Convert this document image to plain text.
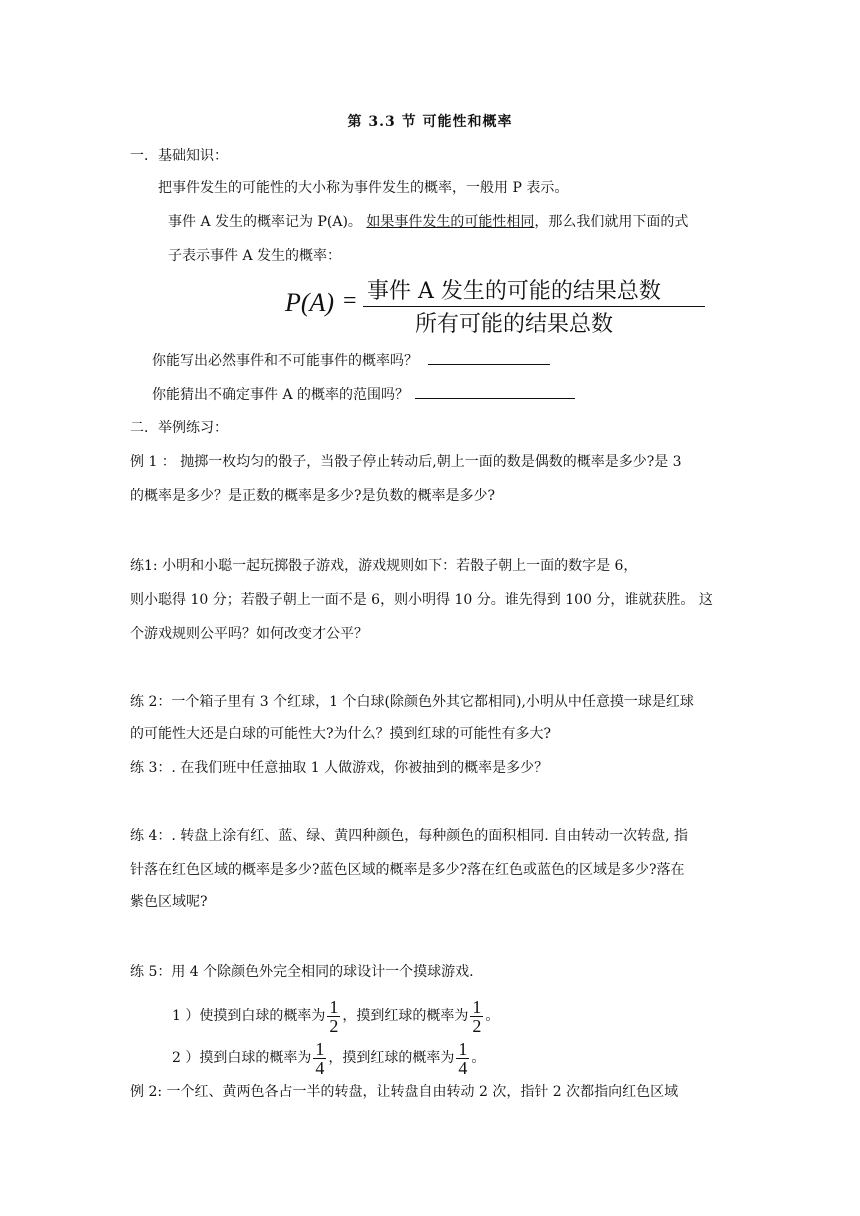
第 3.3 节 可能性和概率
一．基础知识：
把事件发生的可能性的大小称为事件发生的概率，一般用 P 表示。
事件 A 发生的概率记为 P(A)。 如果事件发生的可能性相同，那么我们就用下面的式
子表示事件 A 发生的概率：
P(A) = 事件 A 发生的可能的结果总数
所有可能的结果总数
你能写出必然事件和不可能事件的概率吗？
你能猜出不确定事件 A 的概率的范围吗？
二．举例练习：
例 1 ： 抛掷一枚均匀的骰子，当骰子停止转动后,朝上一面的数是偶数的概率是多少?是 3
的概率是多少？是正数的概率是多少?是负数的概率是多少?
练1: 小明和小聪一起玩掷骰子游戏，游戏规则如下：若骰子朝上一面的数字是 6，
则小聪得 10 分；若骰子朝上一面不是 6，则小明得 10 分。谁先得到 100 分，谁就获胜。 这
个游戏规则公平吗？如何改变才公平？
练 2：一个箱子里有 3 个红球，1 个白球(除颜色外其它都相同),小明从中任意摸一球是红球
的可能性大还是白球的可能性大?为什么？摸到红球的可能性有多大?
练 3：. 在我们班中任意抽取 1 人做游戏，你被抽到的概率是多少？
练 4：. 转盘上涂有红、蓝、绿、黄四种颜色，每种颜色的面积相同. 自由转动一次转盘, 指
针落在红色区域的概率是多少?蓝色区域的概率是多少?落在红色或蓝色的区域是多少?落在
紫色区域呢?
练 5：用 4 个除颜色外完全相同的球设计一个摸球游戏.
1 ）使摸到白球的概率为 $\frac{1}{2}$ ，摸到红球的概率为 $\frac{1}{2}$ 。
2 ）摸到白球的概率为 $\frac{1}{4}$ ，摸到红球的概率为 $\frac{1}{4}$ 。
例 2: 一个红、黄两色各占一半的转盘，让转盘自由转动 2 次，指针 2 次都指向红色区域
